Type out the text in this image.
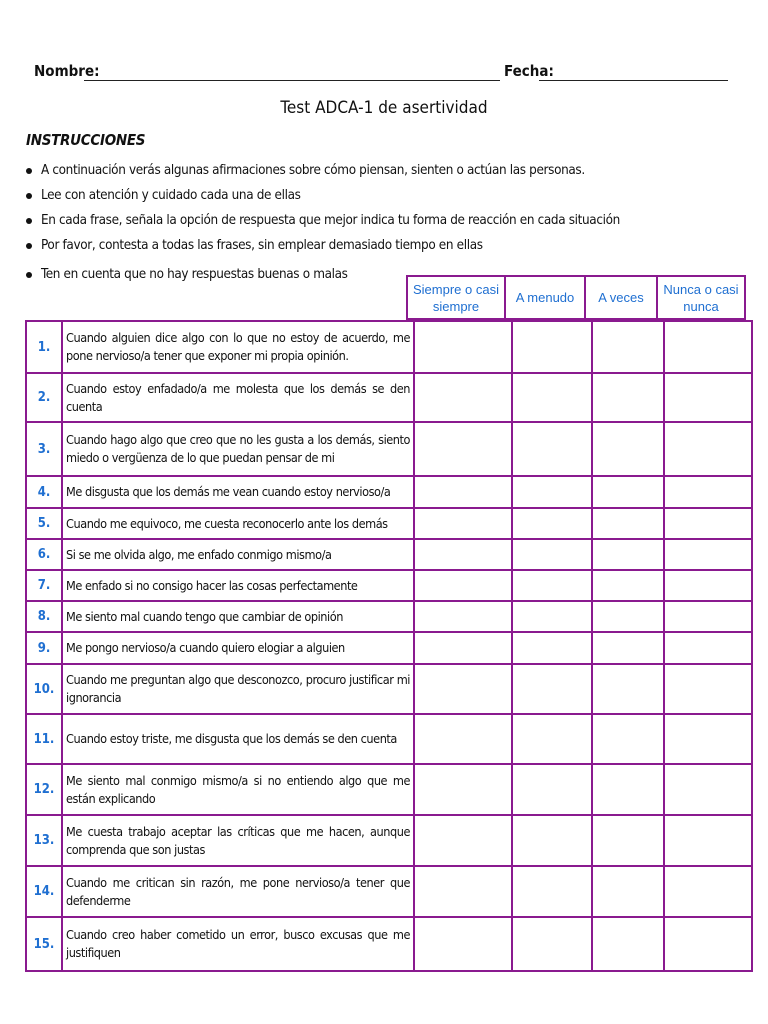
Nombre:	Fecha:
Test ADCA-1 de asertividad
INSTRUCCIONES
A continuación verás algunas afirmaciones sobre cómo piensan, sienten o actúan las personas.
Lee con atención y cuidado cada una de ellas
En cada frase, señala la opción de respuesta que mejor indica tu forma de reacción en cada situación
Por favor, contesta a todas las frases, sin emplear demasiado tiempo en ellas
Ten en cuenta que no hay respuestas buenas o malas
Siempre o casi siempre	A menudo	A veces	Nunca o casi nunca
1.	Cuando alguien dice algo con lo que no estoy de acuerdo, me pone nervioso/a tener que exponer mi propia opinión.				
2.	Cuando estoy enfadado/a me molesta que los demás se den cuenta				
3.	Cuando hago algo que creo que no les gusta a los demás, siento miedo o vergüenza de lo que puedan pensar de mi				
4.	Me disgusta que los demás me vean cuando estoy nervioso/a				
5.	Cuando me equivoco, me cuesta reconocerlo ante los demás				
6.	Si se me olvida algo, me enfado conmigo mismo/a				
7.	Me enfado si no consigo hacer las cosas perfectamente				
8.	Me siento mal cuando tengo que cambiar de opinión				
9.	Me pongo nervioso/a cuando quiero elogiar a alguien				
10.	Cuando me preguntan algo que desconozco, procuro justificar mi ignorancia				
11.	Cuando estoy triste, me disgusta que los demás se den cuenta				
12.	Me siento mal conmigo mismo/a si no entiendo algo que me están explicando				
13.	Me cuesta trabajo aceptar las críticas que me hacen, aunque comprenda que son justas				
14.	Cuando me critican sin razón, me pone nervioso/a tener que defenderme				
15.	Cuando creo haber cometido un error, busco excusas que me justifiquen				
